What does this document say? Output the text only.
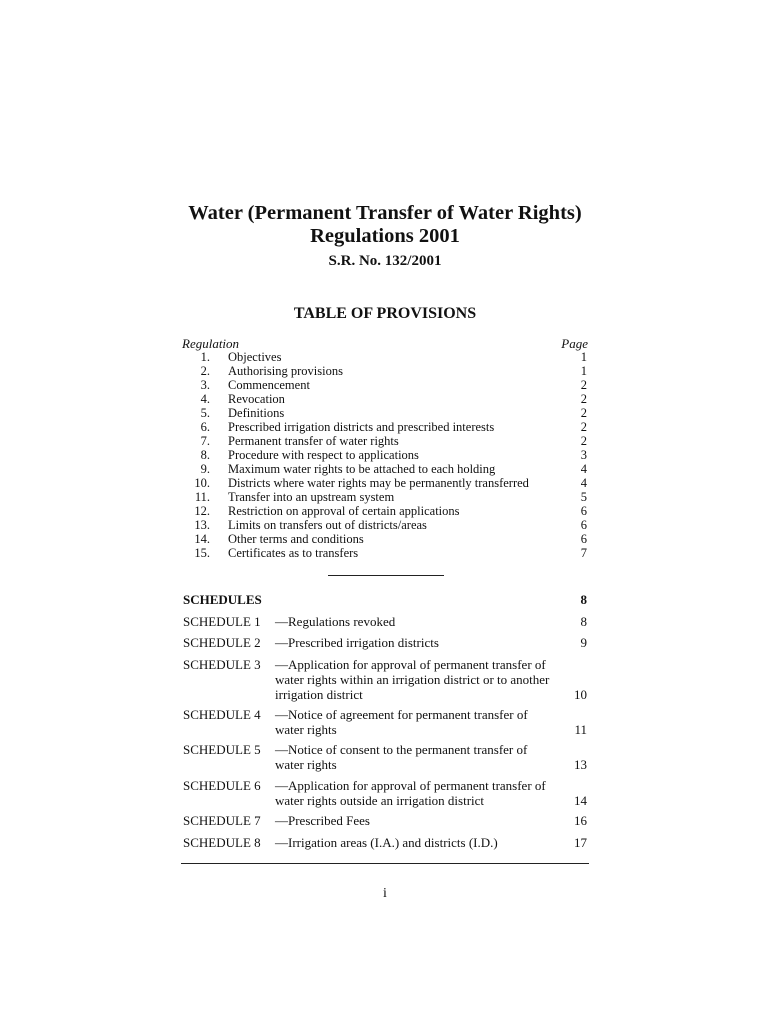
Water (Permanent Transfer of Water Rights)
Regulations 2001
S.R. No. 132/2001
TABLE OF PROVISIONS
Regulation	Page
1. Objectives	1
2. Authorising provisions	1
3. Commencement	2
4. Revocation	2
5. Definitions	2
6. Prescribed irrigation districts and prescribed interests	2
7. Permanent transfer of water rights	2
8. Procedure with respect to applications	3
9. Maximum water rights to be attached to each holding	4
10. Districts where water rights may be permanently transferred	4
11. Transfer into an upstream system	5
12. Restriction on approval of certain applications	6
13. Limits on transfers out of districts/areas	6
14. Other terms and conditions	6
15. Certificates as to transfers	7
SCHEDULES	8
SCHEDULE 1 —Regulations revoked	8
SCHEDULE 2 —Prescribed irrigation districts	9
SCHEDULE 3 —Application for approval of permanent transfer of water rights within an irrigation district or to another irrigation district	10
SCHEDULE 4 —Notice of agreement for permanent transfer of water rights	11
SCHEDULE 5 —Notice of consent to the permanent transfer of water rights	13
SCHEDULE 6 —Application for approval of permanent transfer of water rights outside an irrigation district	14
SCHEDULE 7 —Prescribed Fees	16
SCHEDULE 8 —Irrigation areas (I.A.) and districts (I.D.)	17
i
